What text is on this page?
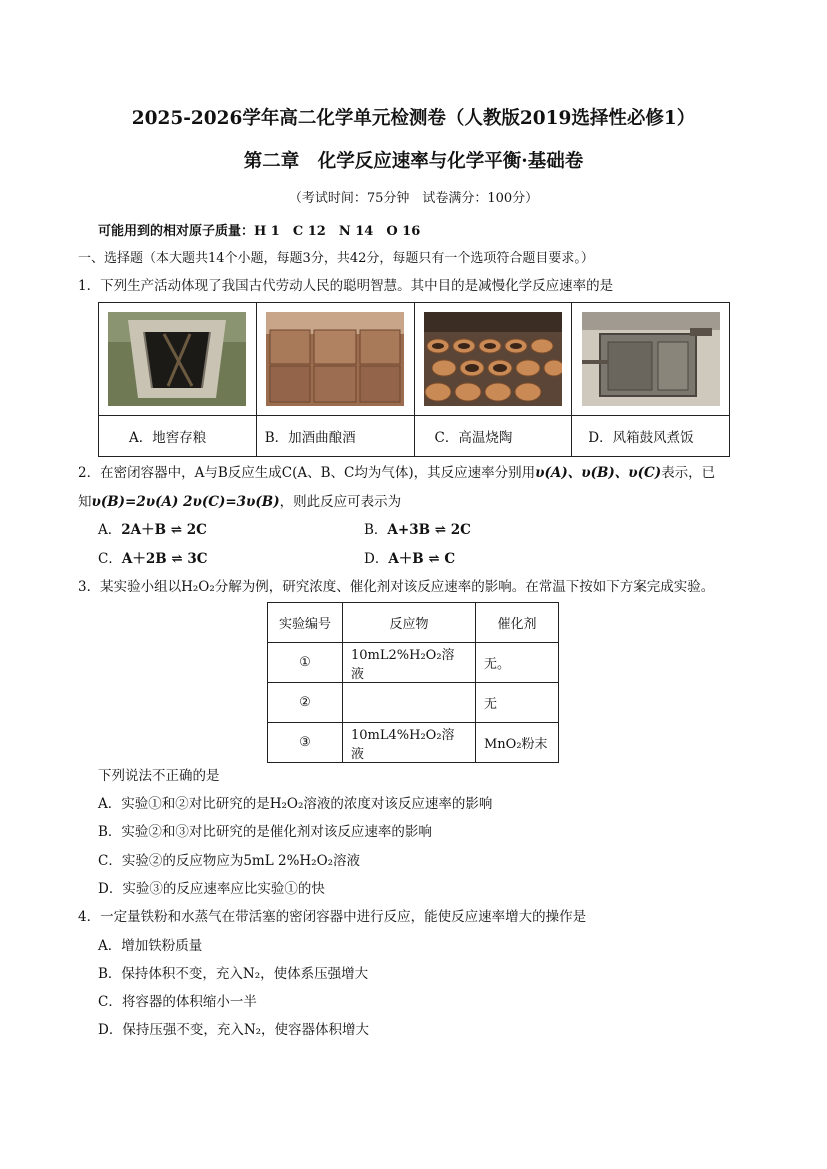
2025-2026学年高二化学单元检测卷（人教版2019选择性必修1）
第二章　化学反应速率与化学平衡·基础卷
（考试时间：75分钟　试卷满分：100分）
可能用到的相对原子质量：H 1　C 12　N 14　O 16
一、选择题（本大题共14个小题，每题3分，共42分，每题只有一个选项符合题目要求。）
1．下列生产活动体现了我国古代劳动人民的聪明智慧。其中目的是减慢化学反应速率的是
A．地窖存粮	B．加酒曲酿酒	C．高温烧陶	D．风箱鼓风煮饭
2．在密闭容器中，A与B反应生成C(A、B、C均为气体)，其反应速率分别用υ(A)、υ(B)、υ(C)表示，已
知υ(B)=2υ(A) 2υ(C)=3υ(B)，则此反应可表示为
A．2A＋B ⇌ 2C	B．A+3B ⇌ 2C
C．A＋2B ⇌ 3C	D．A＋B ⇌ C
3．某实验小组以H₂O₂分解为例，研究浓度、催化剂对该反应速率的影响。在常温下按如下方案完成实验。
实验编号	反应物	催化剂
①	10mL2%H₂O₂溶液	无。
②		无
③	10mL4%H₂O₂溶液	MnO₂粉末
下列说法不正确的是
A．实验①和②对比研究的是H₂O₂溶液的浓度对该反应速率的影响
B．实验②和③对比研究的是催化剂对该反应速率的影响
C．实验②的反应物应为5mL 2%H₂O₂溶液
D．实验③的反应速率应比实验①的快
4．一定量铁粉和水蒸气在带活塞的密闭容器中进行反应，能使反应速率增大的操作是
A．增加铁粉质量
B．保持体积不变，充入N₂，使体系压强增大
C．将容器的体积缩小一半
D．保持压强不变，充入N₂，使容器体积增大
